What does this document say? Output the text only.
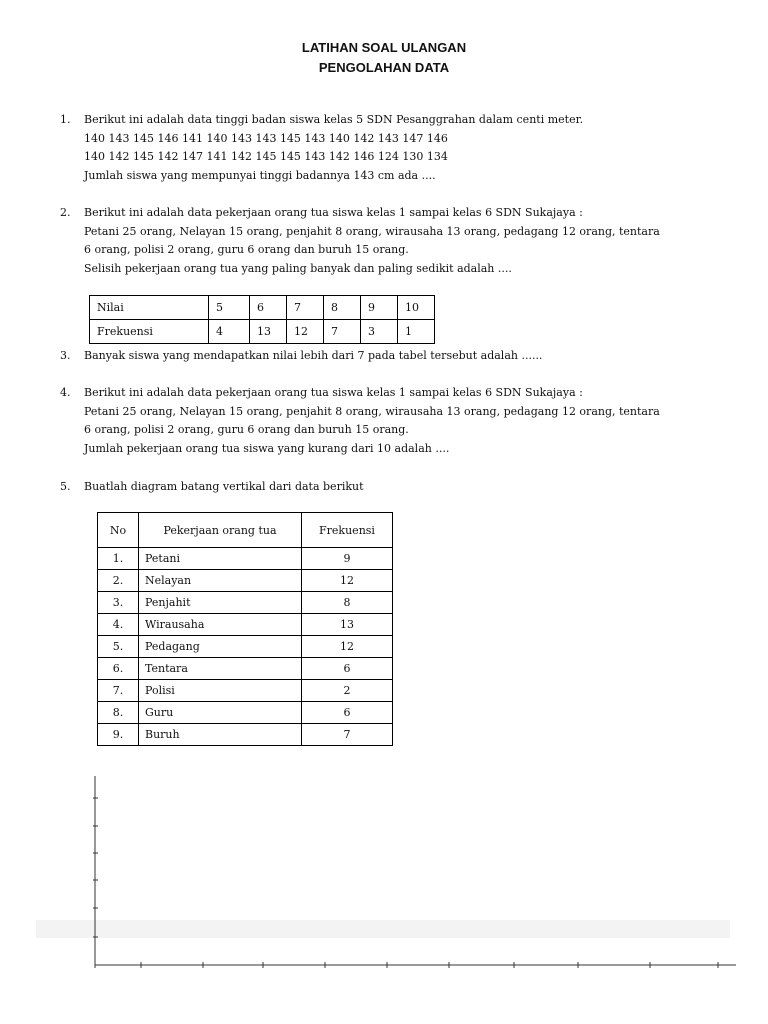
LATIHAN SOAL ULANGAN
PENGOLAHAN DATA
1. Berikut ini adalah data tinggi badan siswa kelas 5 SDN Pesanggrahan dalam centi meter.
140 143 145 146 141 140 143 143 145 143 140 142 143 147 146
140 142 145 142 147 141 142 145 145 143 142 146 124 130 134
Jumlah siswa yang mempunyai tinggi badannya 143 cm ada ....
2. Berikut ini adalah data pekerjaan orang tua siswa kelas 1 sampai kelas 6 SDN Sukajaya :
Petani 25 orang, Nelayan 15 orang, penjahit 8 orang, wirausaha 13 orang, pedagang 12 orang, tentara
6 orang, polisi 2 orang, guru 6 orang dan buruh 15 orang.
Selisih pekerjaan orang tua yang paling banyak dan paling sedikit adalah ....
Nilai	5	6	7	8	9	10
Frekuensi	4	13	12	7	3	1
3. Banyak siswa yang mendapatkan nilai lebih dari 7 pada tabel tersebut adalah ......
4. Berikut ini adalah data pekerjaan orang tua siswa kelas 1 sampai kelas 6 SDN Sukajaya :
Petani 25 orang, Nelayan 15 orang, penjahit 8 orang, wirausaha 13 orang, pedagang 12 orang, tentara
6 orang, polisi 2 orang, guru 6 orang dan buruh 15 orang.
Jumlah pekerjaan orang tua siswa yang kurang dari 10 adalah ....
5. Buatlah diagram batang vertikal dari data berikut
No	Pekerjaan orang tua	Frekuensi
1.	Petani	9
2.	Nelayan	12
3.	Penjahit	8
4.	Wirausaha	13
5.	Pedagang	12
6.	Tentara	6
7.	Polisi	2
8.	Guru	6
9.	Buruh	7
